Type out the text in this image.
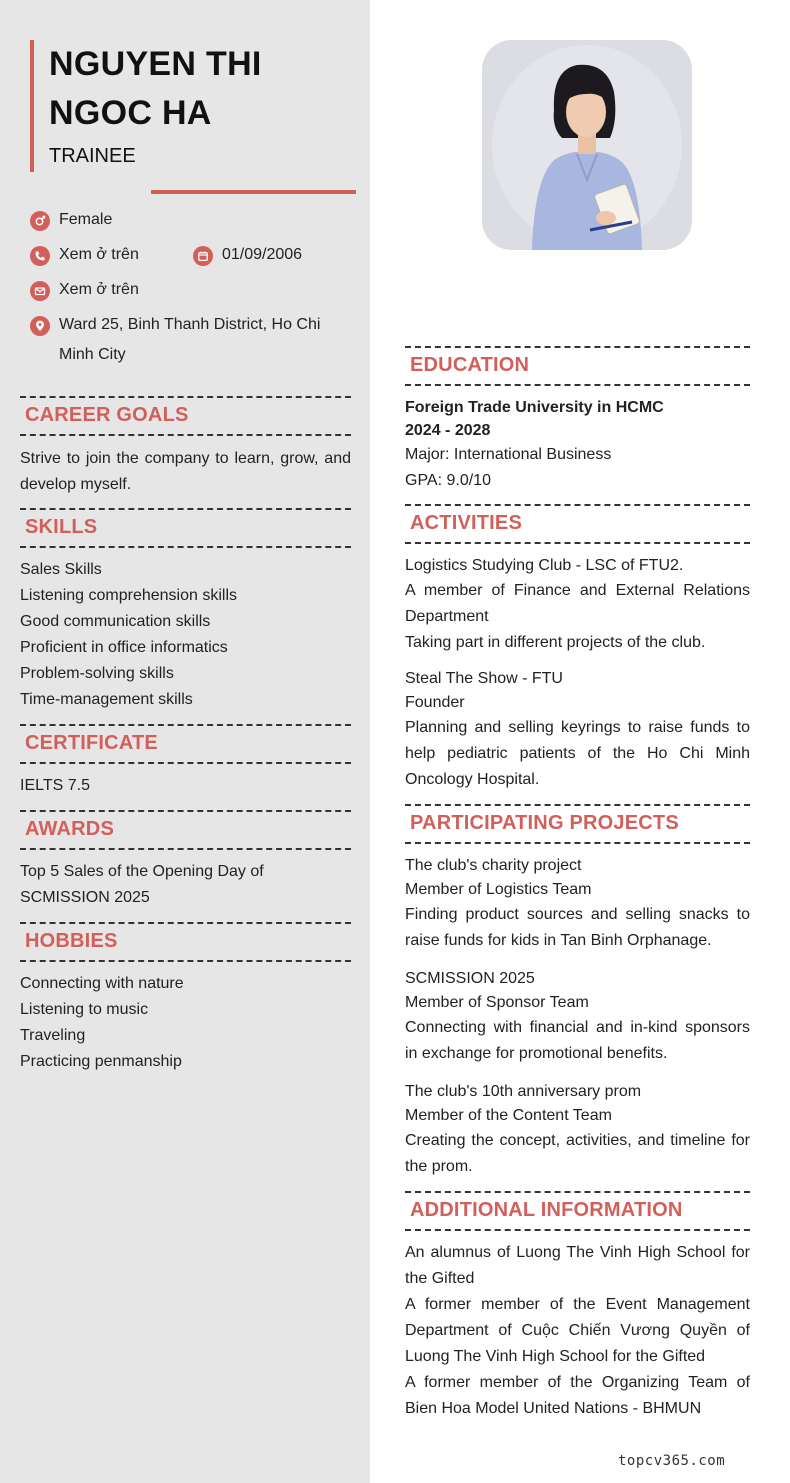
NGUYEN THI
NGOC HA
TRAINEE
Female
Xem ở trên	01/09/2006
Xem ở trên
Ward 25, Binh Thanh District, Ho Chi Minh City
CAREER GOALS
Strive to join the company to learn, grow, and develop myself.
SKILLS
Sales Skills
Listening comprehension skills
Good communication skills
Proficient in office informatics
Problem-solving skills
Time-management skills
CERTIFICATE
IELTS 7.5
AWARDS
Top 5 Sales of the Opening Day of SCMISSION 2025
HOBBIES
Connecting with nature
Listening to music
Traveling
Practicing penmanship
EDUCATION
Foreign Trade University in HCMC
2024 - 2028
Major: International Business
GPA: 9.0/10
ACTIVITIES
Logistics Studying Club - LSC of FTU2.
A member of Finance and External Relations Department
Taking part in different projects of the club.
Steal The Show - FTU
Founder
Planning and selling keyrings to raise funds to help pediatric patients of the Ho Chi Minh Oncology Hospital.
PARTICIPATING PROJECTS
The club's charity project
Member of Logistics Team
Finding product sources and selling snacks to raise funds for kids in Tan Binh Orphanage.
SCMISSION 2025
Member of Sponsor Team
Connecting with financial and in-kind sponsors in exchange for promotional benefits.
The club's 10th anniversary prom
Member of the Content Team
Creating the concept, activities, and timeline for the prom.
ADDITIONAL INFORMATION
An alumnus of Luong The Vinh High School for the Gifted
A former member of the Event Management Department of Cuộc Chiến Vương Quyền of Luong The Vinh High School for the Gifted
A former member of the Organizing Team of Bien Hoa Model United Nations - BHMUN
topcv365.com
